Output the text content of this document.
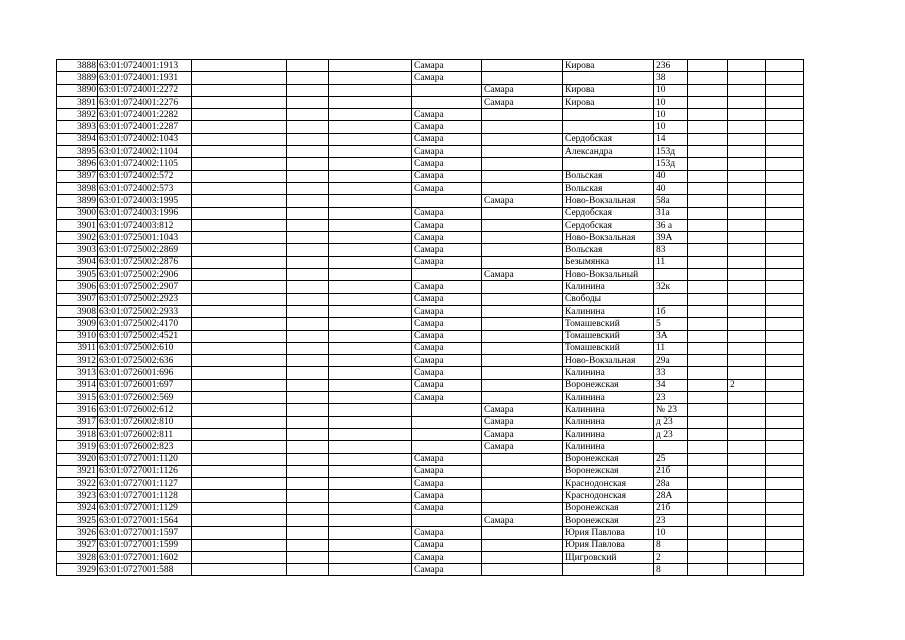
3888	63:01:0724001:1913				Самара		Кирова	236			
3889	63:01:0724001:1931				Самара			38			
3890	63:01:0724001:2272					Самара	Кирова	10			
3891	63:01:0724001:2276					Самара	Кирова	10			
3892	63:01:0724001:2282				Самара			10			
3893	63:01:0724001:2287				Самара			10			
3894	63:01:0724002:1043				Самара		Сердобская	14			
3895	63:01:0724002:1104				Самара		Александра	153д			
3896	63:01:0724002:1105				Самара			153д			
3897	63:01:0724002:572				Самара		Вольская	40			
3898	63:01:0724002:573				Самара		Вольская	40			
3899	63:01:0724003:1995					Самара	Ново-Вокзальная	58а			
3900	63:01:0724003:1996				Самара		Сердобская	31а			
3901	63:01:0724003:812				Самара		Сердобская	36 а			
3902	63:01:0725001:1043				Самара		Ново-Вокзальная	39А			
3903	63:01:0725002:2869				Самара		Вольская	83			
3904	63:01:0725002:2876				Самара		Безымянка	11			
3905	63:01:0725002:2906					Самара	Ново-Вокзальный				
3906	63:01:0725002:2907				Самара		Калинина	32к			
3907	63:01:0725002:2923				Самара		Свободы				
3908	63:01:0725002:2933				Самара		Калинина	1б			
3909	63:01:0725002:4170				Самара		Томашевский	5			
3910	63:01:0725002:4521				Самара		Томашевский	3А			
3911	63:01:0725002:610				Самара		Томашевский	11			
3912	63:01:0725002:636				Самара		Ново-Вокзальная	29а			
3913	63:01:0726001:696				Самара		Калинина	33			
3914	63:01:0726001:697				Самара		Воронежская	34		2	
3915	63:01:0726002:569				Самара		Калинина	23			
3916	63:01:0726002:612					Самара	Калинина	№ 23			
3917	63:01:0726002:810					Самара	Калинина	д 23			
3918	63:01:0726002:811					Самара	Калинина	д 23			
3919	63:01:0726002:823					Самара	Калинина				
3920	63:01:0727001:1120				Самара		Воронежская	25			
3921	63:01:0727001:1126				Самара		Воронежская	21б			
3922	63:01:0727001:1127				Самара		Краснодонская	28а			
3923	63:01:0727001:1128				Самара		Краснодонская	28А			
3924	63:01:0727001:1129				Самара		Воронежская	21б			
3925	63:01:0727001:1564					Самара	Воронежская	23			
3926	63:01:0727001:1597				Самара		Юрия Павлова	10			
3927	63:01:0727001:1599				Самара		Юрия Павлова	8			
3928	63:01:0727001:1602				Самара		Щигровский	2			
3929	63:01:0727001:588				Самара			8			
